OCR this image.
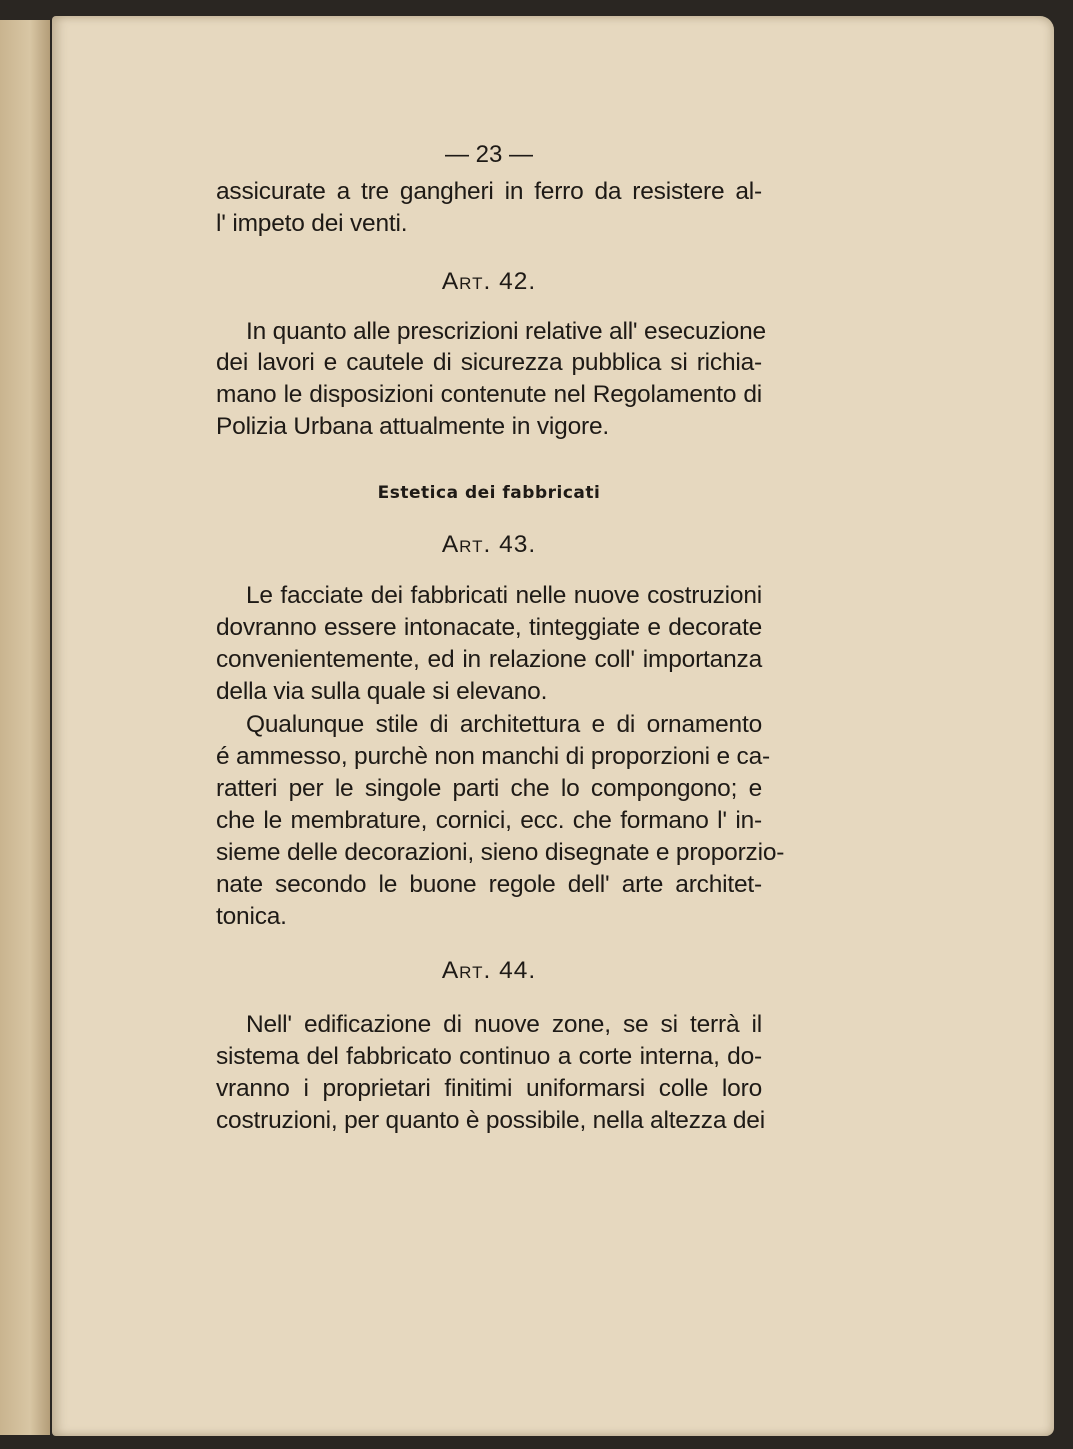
— 23 —
assicurate a tre gangheri in ferro da resistere al-
l' impeto dei venti.
Art. 42.
In quanto alle prescrizioni relative all' esecuzione
dei lavori e cautele di sicurezza pubblica si richia-
mano le disposizioni contenute nel Regolamento di
Polizia Urbana attualmente in vigore.
Estetica dei fabbricati
Art. 43.
Le facciate dei fabbricati nelle nuove costruzioni
dovranno essere intonacate, tinteggiate e decorate
convenientemente, ed in relazione coll' importanza
della via sulla quale si elevano.
Qualunque stile di architettura e di ornamento
é ammesso, purchè non manchi di proporzioni e ca-
ratteri per le singole parti che lo compongono; e
che le membrature, cornici, ecc. che formano l' in-
sieme delle decorazioni, sieno disegnate e proporzio-
nate secondo le buone regole dell' arte architet-
tonica.
Art. 44.
Nell' edificazione di nuove zone, se si terrà il
sistema del fabbricato continuo a corte interna, do-
vranno i proprietari finitimi uniformarsi colle loro
costruzioni, per quanto è possibile, nella altezza dei
